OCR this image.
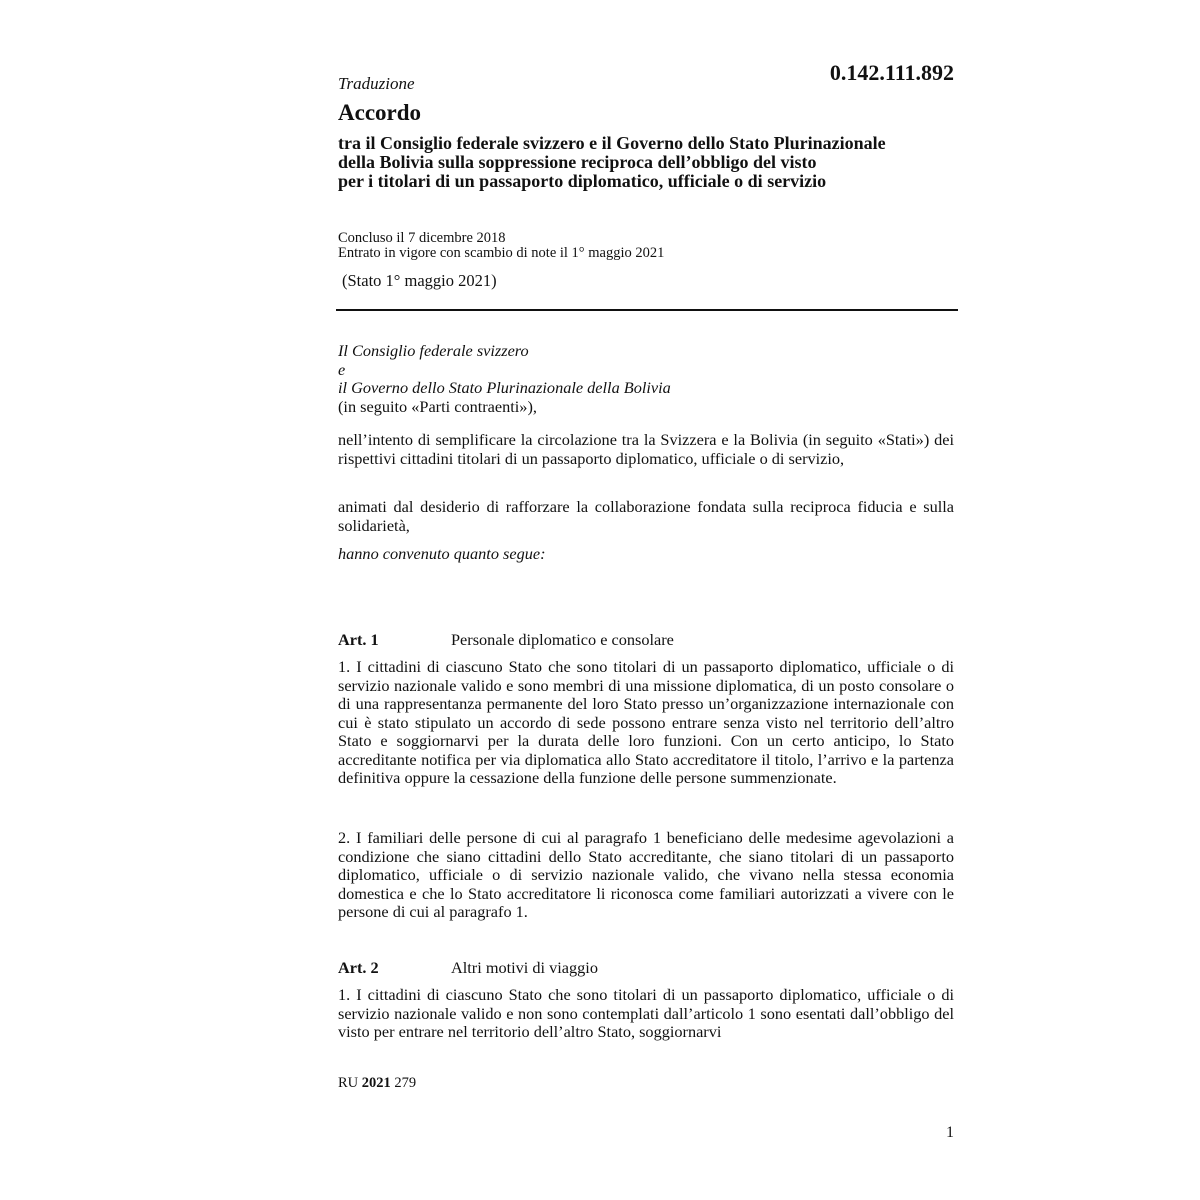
0.142.111.892
Traduzione
Accordo
tra il Consiglio federale svizzero e il Governo dello Stato Plurinazionale
della Bolivia sulla soppressione reciproca dell’obbligo del visto
per i titolari di un passaporto diplomatico, ufficiale o di servizio
Concluso il 7 dicembre 2018
Entrato in vigore con scambio di note il 1° maggio 2021
(Stato 1° maggio 2021)

Il Consiglio federale svizzero

e

il Governo dello Stato Plurinazionale della Bolivia

(in seguito «Parti contraenti»),

nell’intento di semplificare la circolazione tra la Svizzera e la Bolivia (in seguito «Stati») dei rispettivi cittadini titolari di un passaporto diplomatico, ufficiale o di servizio,
animati dal desiderio di rafforzare la collaborazione fondata sulla reciproca fiducia e sulla solidarietà,
hanno convenuto quanto segue:
Art. 1	Personale diplomatico e consolare
1. I cittadini di ciascuno Stato che sono titolari di un passaporto diplomatico, ufficiale o di servizio nazionale valido e sono membri di una missione diplomatica, di un posto consolare o di una rappresentanza permanente del loro Stato presso un’organizzazione internazionale con cui è stato stipulato un accordo di sede possono entrare senza visto nel territorio dell’altro Stato e soggiornarvi per la durata delle loro funzioni. Con un certo anticipo, lo Stato accreditante notifica per via diplomatica allo Stato accreditatore il titolo, l’arrivo e la partenza definitiva oppure la cessazione della funzione delle persone summenzionate.
2. I familiari delle persone di cui al paragrafo 1 beneficiano delle medesime agevolazioni a condizione che siano cittadini dello Stato accreditante, che siano titolari di un passaporto diplomatico, ufficiale o di servizio nazionale valido, che vivano nella stessa economia domestica e che lo Stato accreditatore li riconosca come familiari autorizzati a vivere con le persone di cui al paragrafo 1.
Art. 2	Altri motivi di viaggio
1. I cittadini di ciascuno Stato che sono titolari di un passaporto diplomatico, ufficiale o di servizio nazionale valido e non sono contemplati dall’articolo 1 sono esentati dall’obbligo del visto per entrare nel territorio dell’altro Stato, soggiornarvi
RU 2021 279
1
